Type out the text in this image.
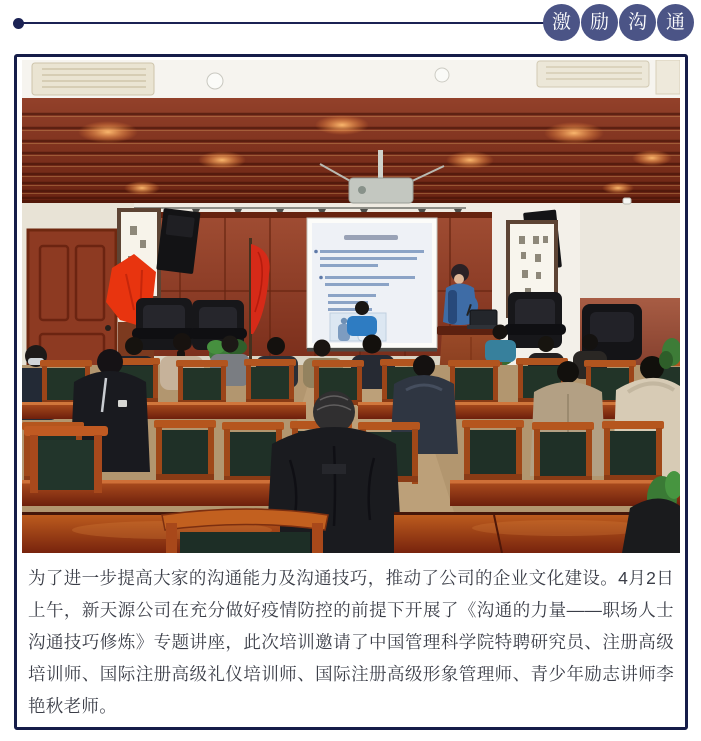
激 励 沟 通

为了进一步提高大家的沟通能力及沟通技巧，推动了公司的企业文化建设。4月2日上午，新天源公司在充分做好疫情防控的前提下开展了《沟通的力量——职场人士沟通技巧修炼》专题讲座，此次培训邀请了中国管理科学院特聘研究员、注册高级培训师、国际注册高级礼仪培训师、国际注册高级形象管理师、青少年励志讲师李艳秋老师。
